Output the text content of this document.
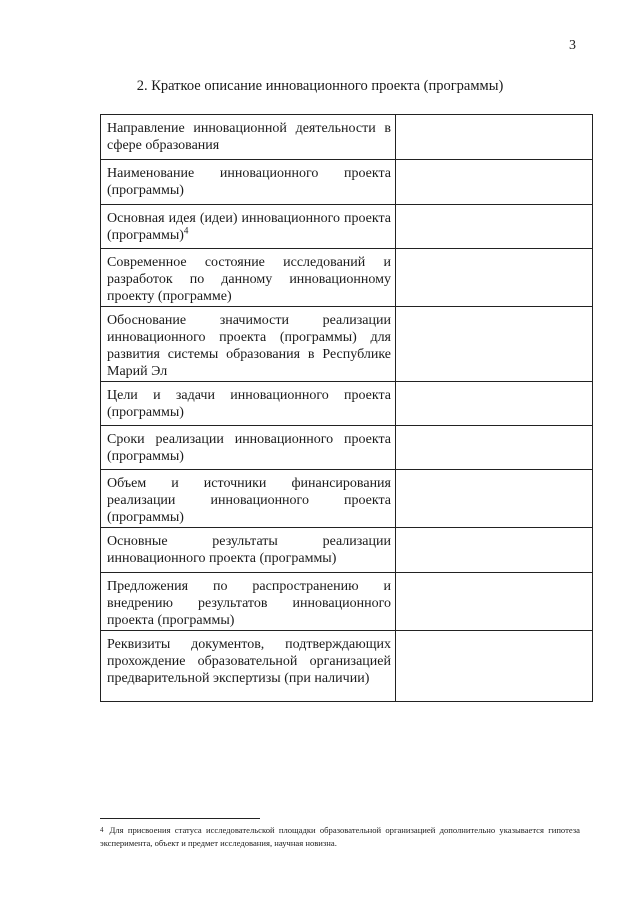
3
2. Краткое описание инновационного проекта (программы)
Направление инновационной деятельности в сфере образования	
Наименование инновационного проекта (программы)	
Основная идея (идеи) инновационного проекта (программы)$^4$	
Современное состояние исследований и разработок по данному инновационному проекту (программе)	
Обоснование значимости реализации инновационного проекта (программы) для развития системы образования в Республике Марий Эл	
Цели и задачи инновационного проекта (программы)	
Сроки реализации инновационного проекта (программы)	
Объем и источники финансирования реализации инновационного проекта (программы)	
Основные результаты реализации инновационного проекта (программы)	
Предложения по распространению и внедрению результатов инновационного проекта (программы)	
Реквизиты документов, подтверждающих прохождение образовательной организацией предварительной экспертизы (при наличии)	
$^4$ Для присвоения статуса исследовательской площадки образовательной организацией дополнительно указывается гипотеза эксперимента, объект и предмет исследования, научная новизна.
